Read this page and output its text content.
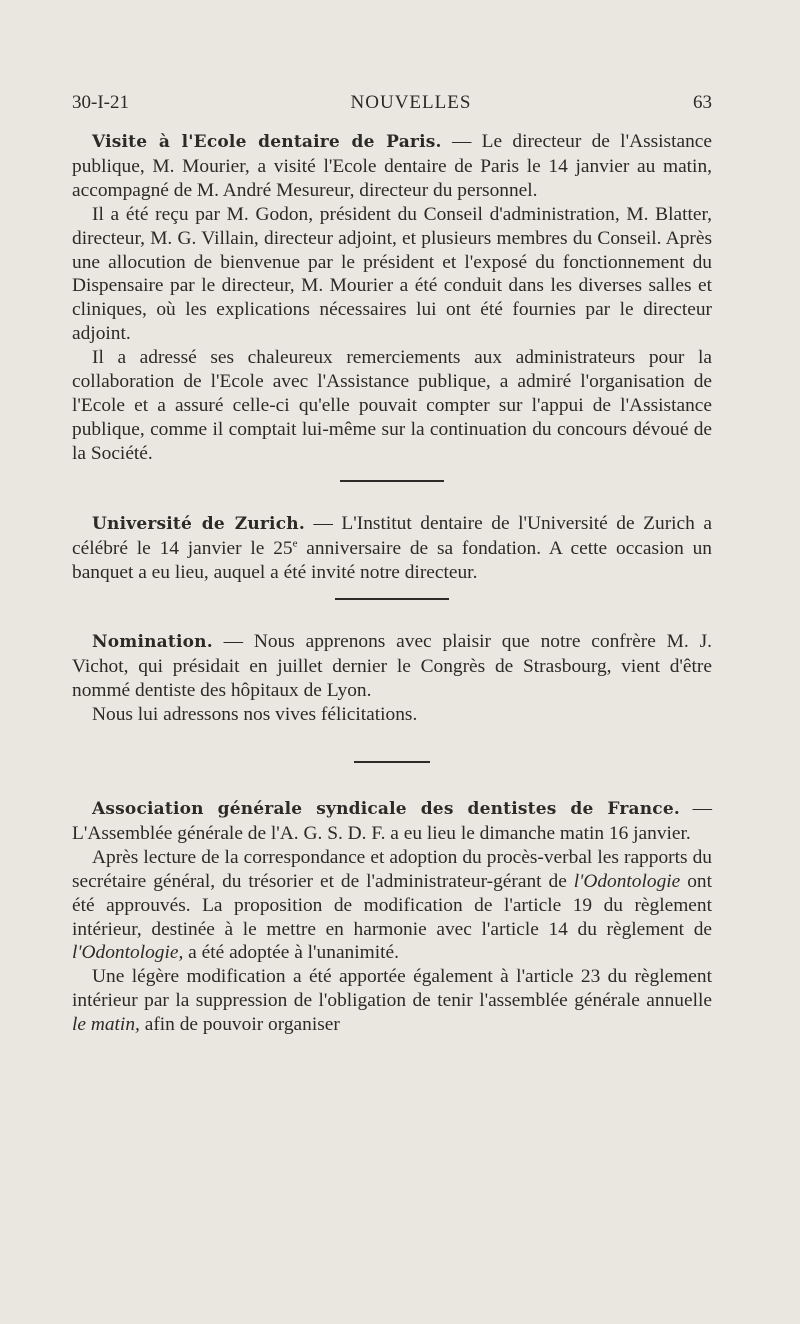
30-I-21	NOUVELLES	63

Visite à l'Ecole dentaire de Paris. — Le directeur de l'Assistance publique, M. Mourier, a visité l'Ecole dentaire de Paris le 14 janvier au matin, accompagné de M. André Mesureur, directeur du personnel.

Il a été reçu par M. Godon, président du Conseil d'administration, M. Blatter, directeur, M. G. Villain, directeur adjoint, et plusieurs membres du Conseil. Après une allocution de bienvenue par le président et l'exposé du fonctionnement du Dispensaire par le directeur, M. Mourier a été conduit dans les diverses salles et cliniques, où les explications nécessaires lui ont été fournies par le directeur adjoint.

Il a adressé ses chaleureux remerciements aux administrateurs pour la collaboration de l'Ecole avec l'Assistance publique, a admiré l'organisation de l'Ecole et a assuré celle-ci qu'elle pouvait compter sur l'appui de l'Assistance publique, comme il comptait lui-même sur la continuation du concours dévoué de la Société.

Université de Zurich. — L'Institut dentaire de l'Université de Zurich a célébré le 14 janvier le 25e anniversaire de sa fondation. A cette occasion un banquet a eu lieu, auquel a été invité notre directeur.

Nomination. — Nous apprenons avec plaisir que notre confrère M. J. Vichot, qui présidait en juillet dernier le Congrès de Strasbourg, vient d'être nommé dentiste des hôpitaux de Lyon.

Nous lui adressons nos vives félicitations.

Association générale syndicale des dentistes de France. — L'Assemblée générale de l'A. G. S. D. F. a eu lieu le dimanche matin 16 janvier.

Après lecture de la correspondance et adoption du procès-verbal les rapports du secrétaire général, du trésorier et de l'administrateur-gérant de l'Odontologie ont été approuvés. La proposition de modification de l'article 19 du règlement intérieur, destinée à le mettre en harmonie avec l'article 14 du règlement de l'Odontologie, a été adoptée à l'unanimité.

Une légère modification a été apportée également à l'article 23 du règlement intérieur par la suppression de l'obligation de tenir l'assemblée générale annuelle le matin, afin de pouvoir organiser
